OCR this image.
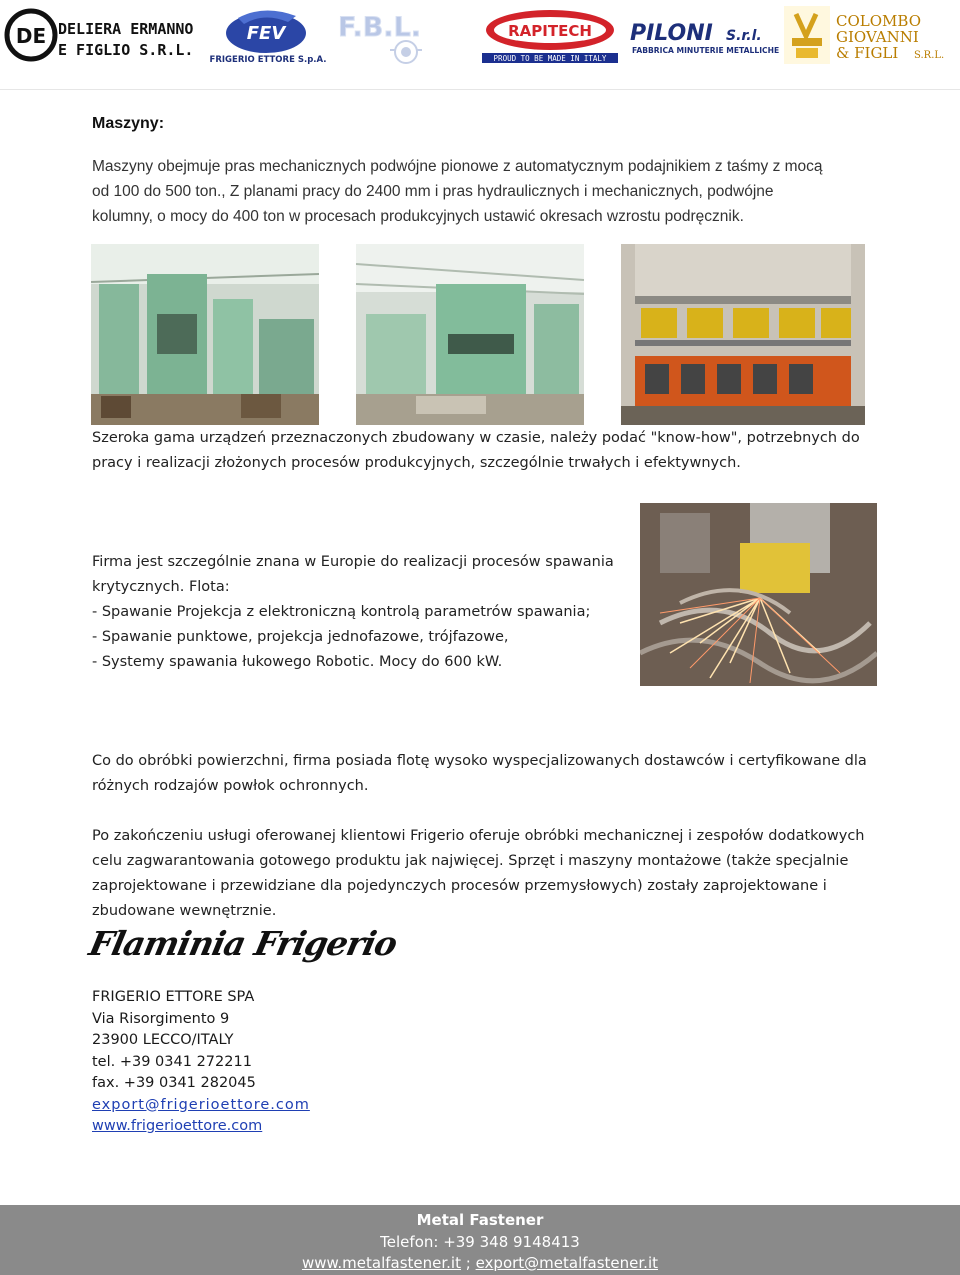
DE DELIERA ERMANNO
E FIGLIO S.R.L.
FEV
FRIGERIO ETTORE S.p.A.
F.B.L.	RAPITECH
PROUD TO BE MADE IN ITALY
PILONI S.r.l.
FABBRICA MINUTERIE METALLICHE
COLOMBO
GIOVANNI
& FIGLI S.R.L.
Maszyny:
Maszyny obejmuje pras mechanicznych podwójne pionowe z automatycznym podajnikiem z taśmy z mocą
od 100 do 500 ton., Z planami pracy do 2400 mm i pras hydraulicznych i mechanicznych, podwójne
kolumny, o mocy do 400 ton w procesach produkcyjnych ustawić okresach wzrostu podręcznik.
Szeroka gama urządzeń przeznaczonych zbudowany w czasie, należy podać "know-how", potrzebnych do
pracy i realizacji złożonych procesów produkcyjnych, szczególnie trwałych i efektywnych.
Firma jest szczególnie znana w Europie do realizacji procesów spawania
krytycznych. Flota:
- Spawanie Projekcja z elektroniczną kontrolą parametrów spawania;
- Spawanie punktowe, projekcja jednofazowe, trójfazowe,
- Systemy spawania łukowego Robotic. Mocy do 600 kW.
Co do obróbki powierzchni, firma posiada flotę wysoko wyspecjalizowanych dostawców i certyfikowane dla
różnych rodzajów powłok ochronnych.
Po zakończeniu usługi oferowanej klientowi Frigerio oferuje obróbki mechanicznej i zespołów dodatkowych
celu zagwarantowania gotowego produktu jak najwięcej. Sprzęt i maszyny montażowe (także specjalnie
zaprojektowane i przewidziane dla pojedynczych procesów przemysłowych) zostały zaprojektowane i
zbudowane wewnętrznie.
Flaminia Frigerio
FRIGERIO ETTORE SPA
Via Risorgimento 9
23900 LECCO/ITALY
tel. +39 0341 272211
fax. +39 0341 282045
export@frigerioettore.com
www.frigerioettore.com
Metal Fastener
Telefon: +39 348 9148413
www.metalfastener.it ; export@metalfastener.it
